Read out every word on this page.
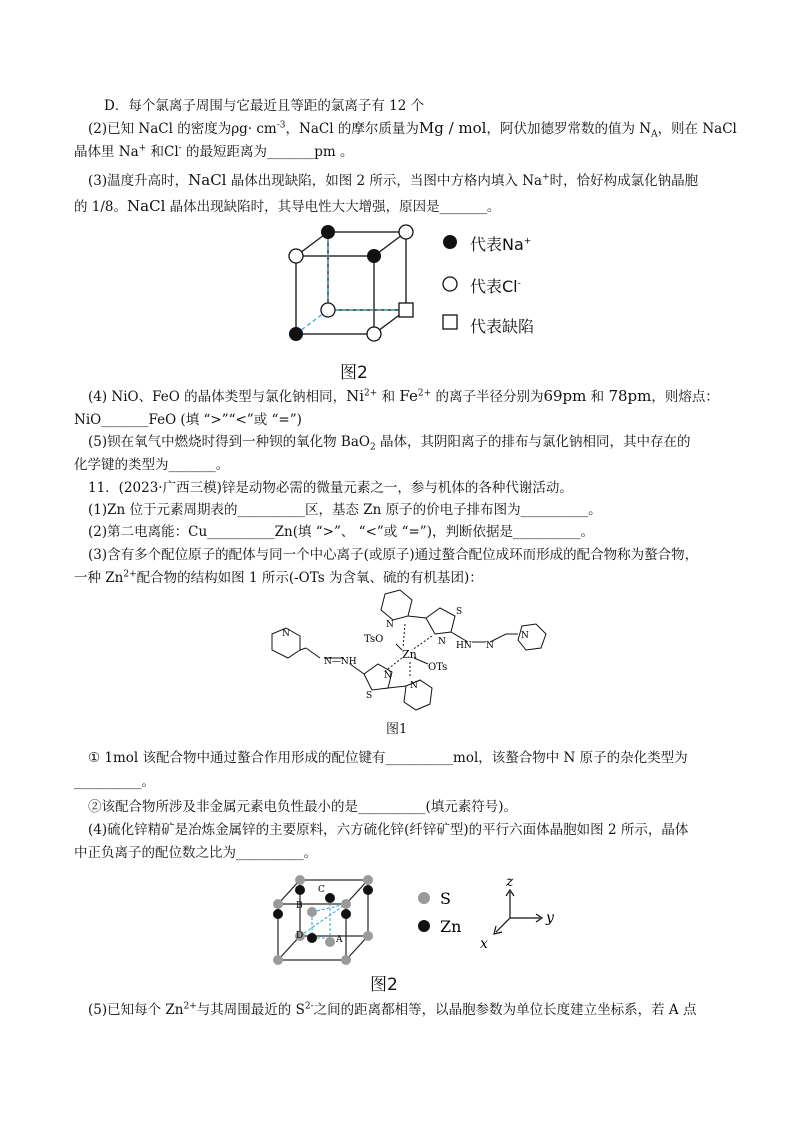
D．每个氯离子周围与它最近且等距的氯离子有 12 个
(2)已知 NaCl 的密度为$\rho g\cdot cm^{-3}$，NaCl 的摩尔质量为Mg / mol，阿伏加德罗常数的值为 $N_A$，则在 NaCl
晶体里 Na+ 和Cl- 的最短距离为_______pm 。
(3)温度升高时，NaCl 晶体出现缺陷，如图 2 所示，当图中方格内填入 Na+时，恰好构成氯化钠晶胞
的 1/8。NaCl 晶体出现缺陷时，其导电性大大增强，原因是_______。
代表Na+
代表Cl-
代表缺陷
图2
(4) NiO、FeO 的晶体类型与氯化钠相同，$Ni^{2+}$ 和 $Fe^{2+}$ 的离子半径分别为69pm 和 78pm，则熔点：
NiO_______FeO (填 “>”“<”或 “=”)
(5)钡在氧气中燃烧时得到一种钡的氧化物 BaO$_2$ 晶体，其阴阳离子的排布与氯化钠相同，其中存在的
化学键的类型为_______。
11．(2023·广西三模)锌是动物必需的微量元素之一，参与机体的各种代谢活动。
(1)Zn 位于元素周期表的__________区，基态 Zn 原子的价电子排布图为__________。
(2)第二电离能：Cu__________Zn(填 “>”、 “<”或 “=”)，判断依据是__________。
(3)含有多个配位原子的配体与同一个中心离子(或原子)通过螯合配位成环而形成的配合物称为螯合物，
一种 $Zn^{2+}$配合物的结构如图 1 所示(-OTs 为含氧、硫的有机基团)：
N
S
N HN N
N
TsO
Zn
OTs
N—NH
N
S
N
N
图1
① 1mol 该配合物中通过螯合作用形成的配位键有__________mol，该螯合物中 N 原子的杂化类型为
__________。
②该配合物所涉及非金属元素电负性最小的是__________(填元素符号)。
(4)硫化锌精矿是冶炼金属锌的主要原料，六方硫化锌(纤锌矿型)的平行六面体晶胞如图 2 所示，晶体
中正负离子的配位数之比为__________。
C
B
D	A
S
Zn
z
y
x
图2
(5)已知每个 $Zn^{2+}$与其周围最近的 $S^{2-}$之间的距离都相等，以晶胞参数为单位长度建立坐标系，若 A 点
